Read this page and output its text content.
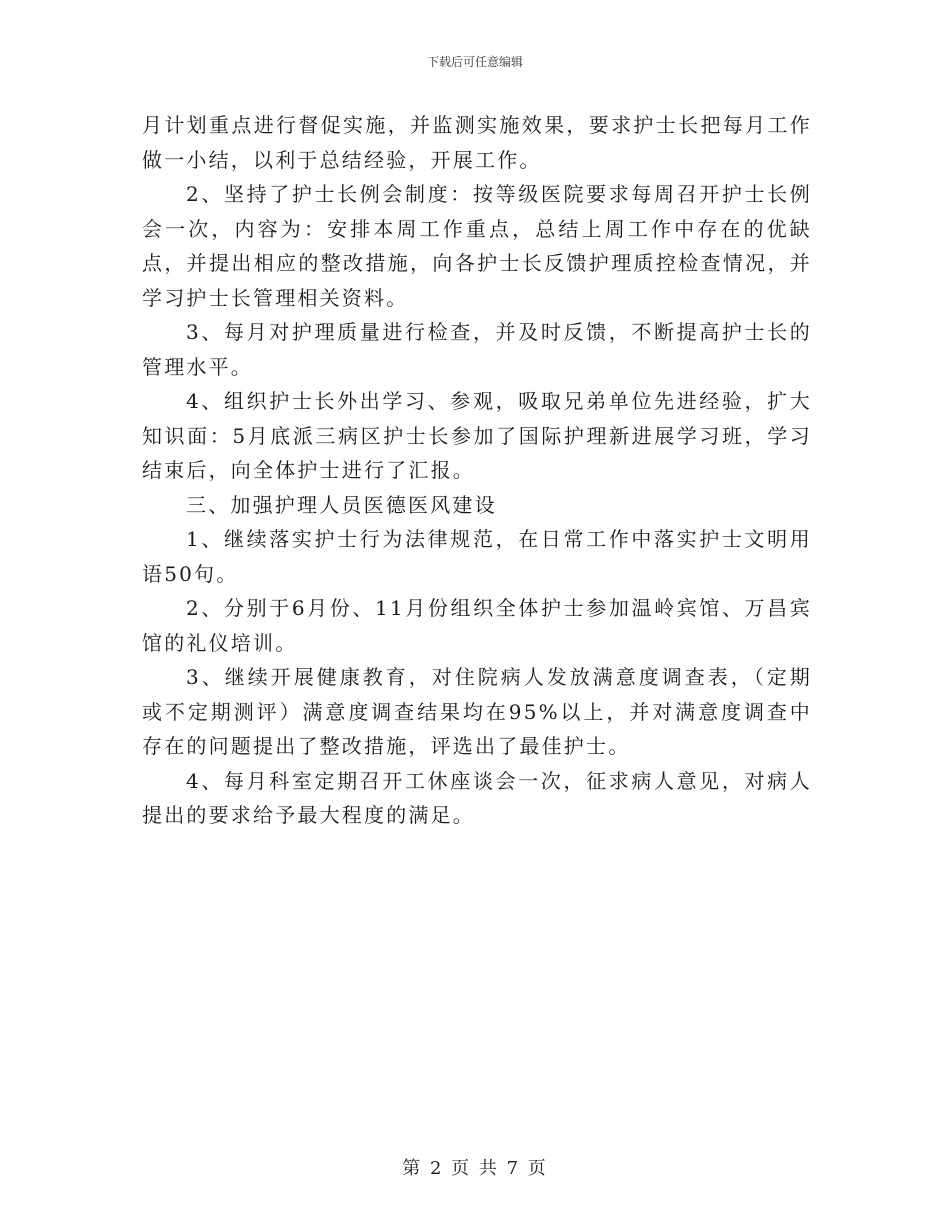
下载后可任意编辑

月计划重点进行督促实施，并监测实施效果，要求护士长把每月工作做一小结，以利于总结经验，开展工作。

2、坚持了护士长例会制度：按等级医院要求每周召开护士长例会一次，内容为：安排本周工作重点，总结上周工作中存在的优缺点，并提出相应的整改措施，向各护士长反馈护理质控检查情况，并学习护士长管理相关资料。

3、每月对护理质量进行检查，并及时反馈，不断提高护士长的管理水平。

4、组织护士长外出学习、参观，吸取兄弟单位先进经验，扩大知识面：5月底派三病区护士长参加了国际护理新进展学习班，学习结束后，向全体护士进行了汇报。

三、加强护理人员医德医风建设

1、继续落实护士行为法律规范，在日常工作中落实护士文明用语50句。

2、分别于6月份、11月份组织全体护士参加温岭宾馆、万昌宾馆的礼仪培训。

3、继续开展健康教育，对住院病人发放满意度调查表，（定期或不定期测评）满意度调查结果均在95%以上，并对满意度调查中存在的问题提出了整改措施，评选出了最佳护士。

4、每月科室定期召开工休座谈会一次，征求病人意见，对病人提出的要求给予最大程度的满足。

第 2 页 共 7 页
